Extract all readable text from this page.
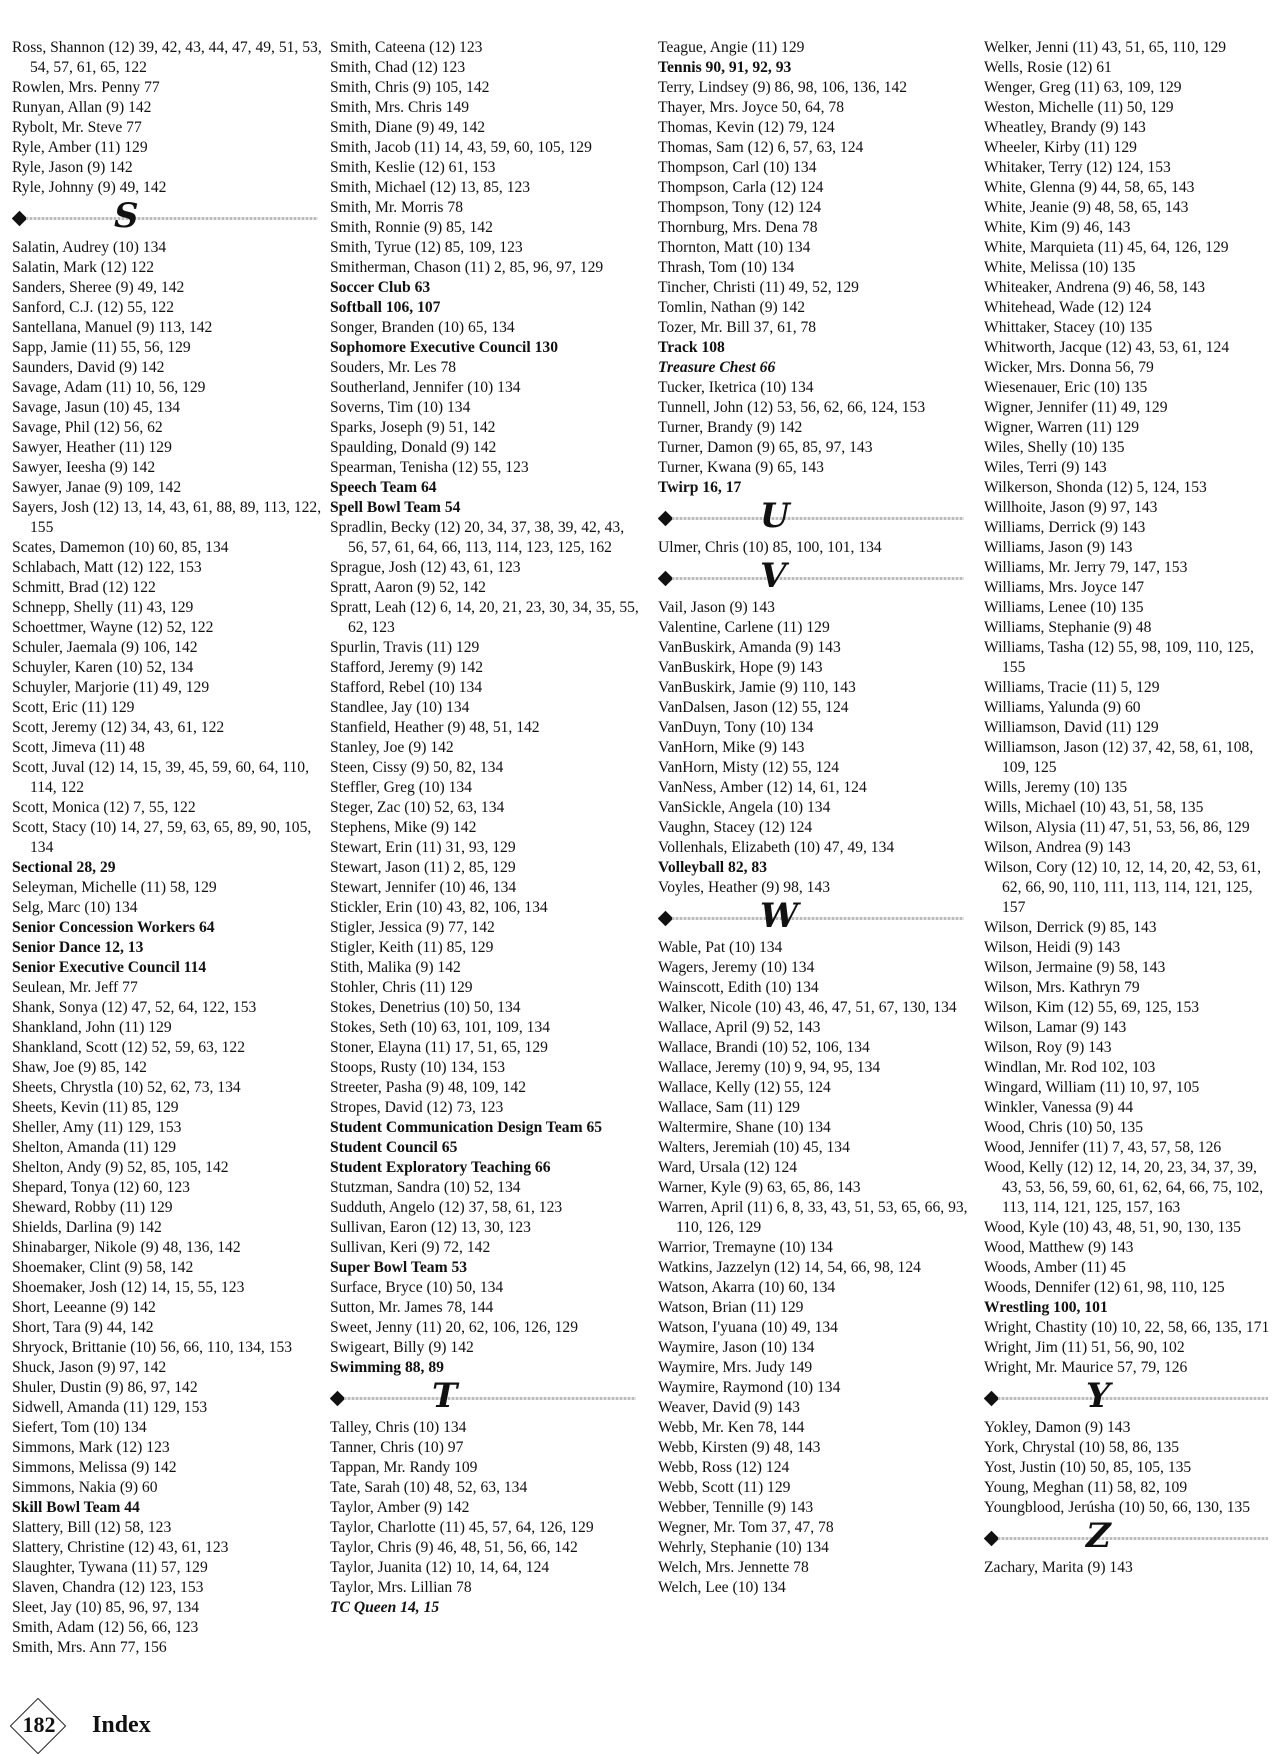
Ross, Shannon (12) 39, 42, 43, 44, 47, 49, 51, 53, 54, 57, 61, 65, 122
Rowlen, Mrs. Penny 77
Runyan, Allan (9) 142
Rybolt, Mr. Steve 77
Ryle, Amber (11) 129
Ryle, Jason (9) 142
Ryle, Johnny (9) 49, 142
S
Salatin, Audrey (10) 134
Salatin, Mark (12) 122
Sanders, Sheree (9) 49, 142
Sanford, C.J. (12) 55, 122
Santellana, Manuel (9) 113, 142
Sapp, Jamie (11) 55, 56, 129
Saunders, David (9) 142
Savage, Adam (11) 10, 56, 129
Savage, Jasun (10) 45, 134
Savage, Phil (12) 56, 62
Sawyer, Heather (11) 129
Sawyer, Ieesha (9) 142
Sawyer, Janae (9) 109, 142
Sayers, Josh (12) 13, 14, 43, 61, 88, 89, 113, 122, 155
Scates, Damemon (10) 60, 85, 134
Schlabach, Matt (12) 122, 153
Schmitt, Brad (12) 122
Schnepp, Shelly (11) 43, 129
Schoettmer, Wayne (12) 52, 122
Schuler, Jaemala (9) 106, 142
Schuyler, Karen (10) 52, 134
Schuyler, Marjorie (11) 49, 129
Scott, Eric (11) 129
Scott, Jeremy (12) 34, 43, 61, 122
Scott, Jimeva (11) 48
Scott, Juval (12) 14, 15, 39, 45, 59, 60, 64, 110, 114, 122
Scott, Monica (12) 7, 55, 122
Scott, Stacy (10) 14, 27, 59, 63, 65, 89, 90, 105, 134
Sectional 28, 29
Seleyman, Michelle (11) 58, 129
Selg, Marc (10) 134
Senior Concession Workers 64
Senior Dance 12, 13
Senior Executive Council 114
Seulean, Mr. Jeff 77
Shank, Sonya (12) 47, 52, 64, 122, 153
Shankland, John (11) 129
Shankland, Scott (12) 52, 59, 63, 122
Shaw, Joe (9) 85, 142
Sheets, Chrystla (10) 52, 62, 73, 134
Sheets, Kevin (11) 85, 129
Sheller, Amy (11) 129, 153
Shelton, Amanda (11) 129
Shelton, Andy (9) 52, 85, 105, 142
Shepard, Tonya (12) 60, 123
Sheward, Robby (11) 129
Shields, Darlina (9) 142
Shinabarger, Nikole (9) 48, 136, 142
Shoemaker, Clint (9) 58, 142
Shoemaker, Josh (12) 14, 15, 55, 123
Short, Leeanne (9) 142
Short, Tara (9) 44, 142
Shryock, Brittanie (10) 56, 66, 110, 134, 153
Shuck, Jason (9) 97, 142
Shuler, Dustin (9) 86, 97, 142
Sidwell, Amanda (11) 129, 153
Siefert, Tom (10) 134
Simmons, Mark (12) 123
Simmons, Melissa (9) 142
Simmons, Nakia (9) 60
Skill Bowl Team 44
Slattery, Bill (12) 58, 123
Slattery, Christine (12) 43, 61, 123
Slaughter, Tywana (11) 57, 129
Slaven, Chandra (12) 123, 153
Sleet, Jay (10) 85, 96, 97, 134
Smith, Adam (12) 56, 66, 123
Smith, Mrs. Ann 77, 156
Smith, Cateena (12) 123
Smith, Chad (12) 123
Smith, Chris (9) 105, 142
Smith, Mrs. Chris 149
Smith, Diane (9) 49, 142
Smith, Jacob (11) 14, 43, 59, 60, 105, 129
Smith, Keslie (12) 61, 153
Smith, Michael (12) 13, 85, 123
Smith, Mr. Morris 78
Smith, Ronnie (9) 85, 142
Smith, Tyrue (12) 85, 109, 123
Smitherman, Chason (11) 2, 85, 96, 97, 129
Soccer Club 63
Softball 106, 107
Songer, Branden (10) 65, 134
Sophomore Executive Council 130
Souders, Mr. Les 78
Southerland, Jennifer (10) 134
Soverns, Tim (10) 134
Sparks, Joseph (9) 51, 142
Spaulding, Donald (9) 142
Spearman, Tenisha (12) 55, 123
Speech Team 64
Spell Bowl Team 54
Spradlin, Becky (12) 20, 34, 37, 38, 39, 42, 43, 56, 57, 61, 64, 66, 113, 114, 123, 125, 162
Sprague, Josh (12) 43, 61, 123
Spratt, Aaron (9) 52, 142
Spratt, Leah (12) 6, 14, 20, 21, 23, 30, 34, 35, 55, 62, 123
Spurlin, Travis (11) 129
Stafford, Jeremy (9) 142
Stafford, Rebel (10) 134
Standlee, Jay (10) 134
Stanfield, Heather (9) 48, 51, 142
Stanley, Joe (9) 142
Steen, Cissy (9) 50, 82, 134
Steffler, Greg (10) 134
Steger, Zac (10) 52, 63, 134
Stephens, Mike (9) 142
Stewart, Erin (11) 31, 93, 129
Stewart, Jason (11) 2, 85, 129
Stewart, Jennifer (10) 46, 134
Stickler, Erin (10) 43, 82, 106, 134
Stigler, Jessica (9) 77, 142
Stigler, Keith (11) 85, 129
Stith, Malika (9) 142
Stohler, Chris (11) 129
Stokes, Denetrius (10) 50, 134
Stokes, Seth (10) 63, 101, 109, 134
Stoner, Elayna (11) 17, 51, 65, 129
Stoops, Rusty (10) 134, 153
Streeter, Pasha (9) 48, 109, 142
Stropes, David (12) 73, 123
Student Communication Design Team 65
Student Council 65
Student Exploratory Teaching 66
Stutzman, Sandra (10) 52, 134
Sudduth, Angelo (12) 37, 58, 61, 123
Sullivan, Earon (12) 13, 30, 123
Sullivan, Keri (9) 72, 142
Super Bowl Team 53
Surface, Bryce (10) 50, 134
Sutton, Mr. James 78, 144
Sweet, Jenny (11) 20, 62, 106, 126, 129
Swigeart, Billy (9) 142
Swimming 88, 89
T
Talley, Chris (10) 134
Tanner, Chris (10) 97
Tappan, Mr. Randy 109
Tate, Sarah (10) 48, 52, 63, 134
Taylor, Amber (9) 142
Taylor, Charlotte (11) 45, 57, 64, 126, 129
Taylor, Chris (9) 46, 48, 51, 56, 66, 142
Taylor, Juanita (12) 10, 14, 64, 124
Taylor, Mrs. Lillian 78
TC Queen 14, 15
Teague, Angie (11) 129
Tennis 90, 91, 92, 93
Terry, Lindsey (9) 86, 98, 106, 136, 142
Thayer, Mrs. Joyce 50, 64, 78
Thomas, Kevin (12) 79, 124
Thomas, Sam (12) 6, 57, 63, 124
Thompson, Carl (10) 134
Thompson, Carla (12) 124
Thompson, Tony (12) 124
Thornburg, Mrs. Dena 78
Thornton, Matt (10) 134
Thrash, Tom (10) 134
Tincher, Christi (11) 49, 52, 129
Tomlin, Nathan (9) 142
Tozer, Mr. Bill 37, 61, 78
Track 108
Treasure Chest 66
Tucker, Iketrica (10) 134
Tunnell, John (12) 53, 56, 62, 66, 124, 153
Turner, Brandy (9) 142
Turner, Damon (9) 65, 85, 97, 143
Turner, Kwana (9) 65, 143
Twirp 16, 17
U
Ulmer, Chris (10) 85, 100, 101, 134
V
Vail, Jason (9) 143
Valentine, Carlene (11) 129
VanBuskirk, Amanda (9) 143
VanBuskirk, Hope (9) 143
VanBuskirk, Jamie (9) 110, 143
VanDalsen, Jason (12) 55, 124
VanDuyn, Tony (10) 134
VanHorn, Mike (9) 143
VanHorn, Misty (12) 55, 124
VanNess, Amber (12) 14, 61, 124
VanSickle, Angela (10) 134
Vaughn, Stacey (12) 124
Vollenhals, Elizabeth (10) 47, 49, 134
Volleyball 82, 83
Voyles, Heather (9) 98, 143
W
Wable, Pat (10) 134
Wagers, Jeremy (10) 134
Wainscott, Edith (10) 134
Walker, Nicole (10) 43, 46, 47, 51, 67, 130, 134
Wallace, April (9) 52, 143
Wallace, Brandi (10) 52, 106, 134
Wallace, Jeremy (10) 9, 94, 95, 134
Wallace, Kelly (12) 55, 124
Wallace, Sam (11) 129
Waltermire, Shane (10) 134
Walters, Jeremiah (10) 45, 134
Ward, Ursala (12) 124
Warner, Kyle (9) 63, 65, 86, 143
Warren, April (11) 6, 8, 33, 43, 51, 53, 65, 66, 93, 110, 126, 129
Warrior, Tremayne (10) 134
Watkins, Jazzelyn (12) 14, 54, 66, 98, 124
Watson, Akarra (10) 60, 134
Watson, Brian (11) 129
Watson, I'yuana (10) 49, 134
Waymire, Jason (10) 134
Waymire, Mrs. Judy 149
Waymire, Raymond (10) 134
Weaver, David (9) 143
Webb, Mr. Ken 78, 144
Webb, Kirsten (9) 48, 143
Webb, Ross (12) 124
Webb, Scott (11) 129
Webber, Tennille (9) 143
Wegner, Mr. Tom 37, 47, 78
Wehrly, Stephanie (10) 134
Welch, Mrs. Jennette 78
Welch, Lee (10) 134
Welker, Jenni (11) 43, 51, 65, 110, 129
Wells, Rosie (12) 61
Wenger, Greg (11) 63, 109, 129
Weston, Michelle (11) 50, 129
Wheatley, Brandy (9) 143
Wheeler, Kirby (11) 129
Whitaker, Terry (12) 124, 153
White, Glenna (9) 44, 58, 65, 143
White, Jeanie (9) 48, 58, 65, 143
White, Kim (9) 46, 143
White, Marquieta (11) 45, 64, 126, 129
White, Melissa (10) 135
Whiteaker, Andrena (9) 46, 58, 143
Whitehead, Wade (12) 124
Whittaker, Stacey (10) 135
Whitworth, Jacque (12) 43, 53, 61, 124
Wicker, Mrs. Donna 56, 79
Wiesenauer, Eric (10) 135
Wigner, Jennifer (11) 49, 129
Wigner, Warren (11) 129
Wiles, Shelly (10) 135
Wiles, Terri (9) 143
Wilkerson, Shonda (12) 5, 124, 153
Willhoite, Jason (9) 97, 143
Williams, Derrick (9) 143
Williams, Jason (9) 143
Williams, Mr. Jerry 79, 147, 153
Williams, Mrs. Joyce 147
Williams, Lenee (10) 135
Williams, Stephanie (9) 48
Williams, Tasha (12) 55, 98, 109, 110, 125, 155
Williams, Tracie (11) 5, 129
Williams, Yalunda (9) 60
Williamson, David (11) 129
Williamson, Jason (12) 37, 42, 58, 61, 108, 109, 125
Wills, Jeremy (10) 135
Wills, Michael (10) 43, 51, 58, 135
Wilson, Alysia (11) 47, 51, 53, 56, 86, 129
Wilson, Andrea (9) 143
Wilson, Cory (12) 10, 12, 14, 20, 42, 53, 61, 62, 66, 90, 110, 111, 113, 114, 121, 125, 157
Wilson, Derrick (9) 85, 143
Wilson, Heidi (9) 143
Wilson, Jermaine (9) 58, 143
Wilson, Mrs. Kathryn 79
Wilson, Kim (12) 55, 69, 125, 153
Wilson, Lamar (9) 143
Wilson, Roy (9) 143
Windlan, Mr. Rod 102, 103
Wingard, William (11) 10, 97, 105
Winkler, Vanessa (9) 44
Wood, Chris (10) 50, 135
Wood, Jennifer (11) 7, 43, 57, 58, 126
Wood, Kelly (12) 12, 14, 20, 23, 34, 37, 39, 43, 53, 56, 59, 60, 61, 62, 64, 66, 75, 102, 113, 114, 121, 125, 157, 163
Wood, Kyle (10) 43, 48, 51, 90, 130, 135
Wood, Matthew (9) 143
Woods, Amber (11) 45
Woods, Dennifer (12) 61, 98, 110, 125
Wrestling 100, 101
Wright, Chastity (10) 10, 22, 58, 66, 135, 171
Wright, Jim (11) 51, 56, 90, 102
Wright, Mr. Maurice 57, 79, 126
Y
Yokley, Damon (9) 143
York, Chrystal (10) 58, 86, 135
Yost, Justin (10) 50, 85, 105, 135
Young, Meghan (11) 58, 82, 109
Youngblood, Jerúsha (10) 50, 66, 130, 135
Z
Zachary, Marita (9) 143
182	Index
